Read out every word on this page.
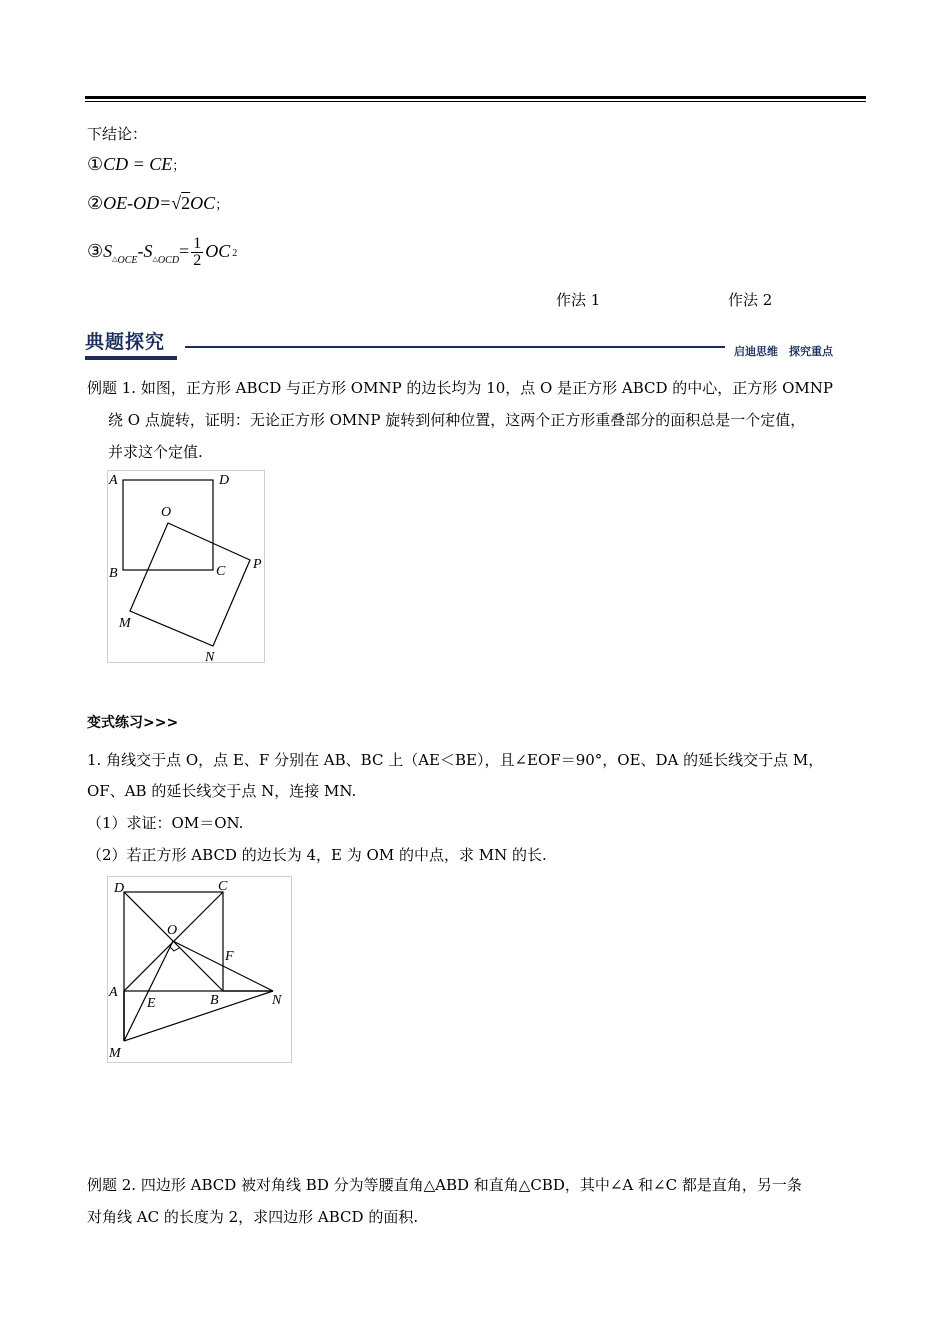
下结论：
①CD = CE；
②OE-OD=√2OC；
$③S_{\triangle OCE}-S_{\triangle OCD}= \frac{1}{2}$ OC 2
作法 1	作法 2
典题探究	启迪思维　探究重点
例题 1. 如图，正方形 ABCD 与正方形 OMNP 的边长均为 10，点 O 是正方形 ABCD 的中心，正方形 OMNP
绕 O 点旋转，证明：无论正方形 OMNP 旋转到何种位置，这两个正方形重叠部分的面积总是一个定值，
并求这个定值.
A	D
O
B	C P
M
N
变式练习>>>
1. 角线交于点 O，点 E、F 分别在 AB、BC 上（AE＜BE），且∠EOF＝90°，OE、DA 的延长线交于点 M，
OF、AB 的延长线交于点 N，连接 MN.
（1）求证：OM＝ON.
（2）若正方形 ABCD 的边长为 4，E 为 OM 的中点，求 MN 的长.
D	C
O
F
A
E	B	N
M
例题 2. 四边形 ABCD 被对角线 BD 分为等腰直角△ABD 和直角△CBD，其中∠A 和∠C 都是直角，另一条
对角线 AC 的长度为 2，求四边形 ABCD 的面积.
